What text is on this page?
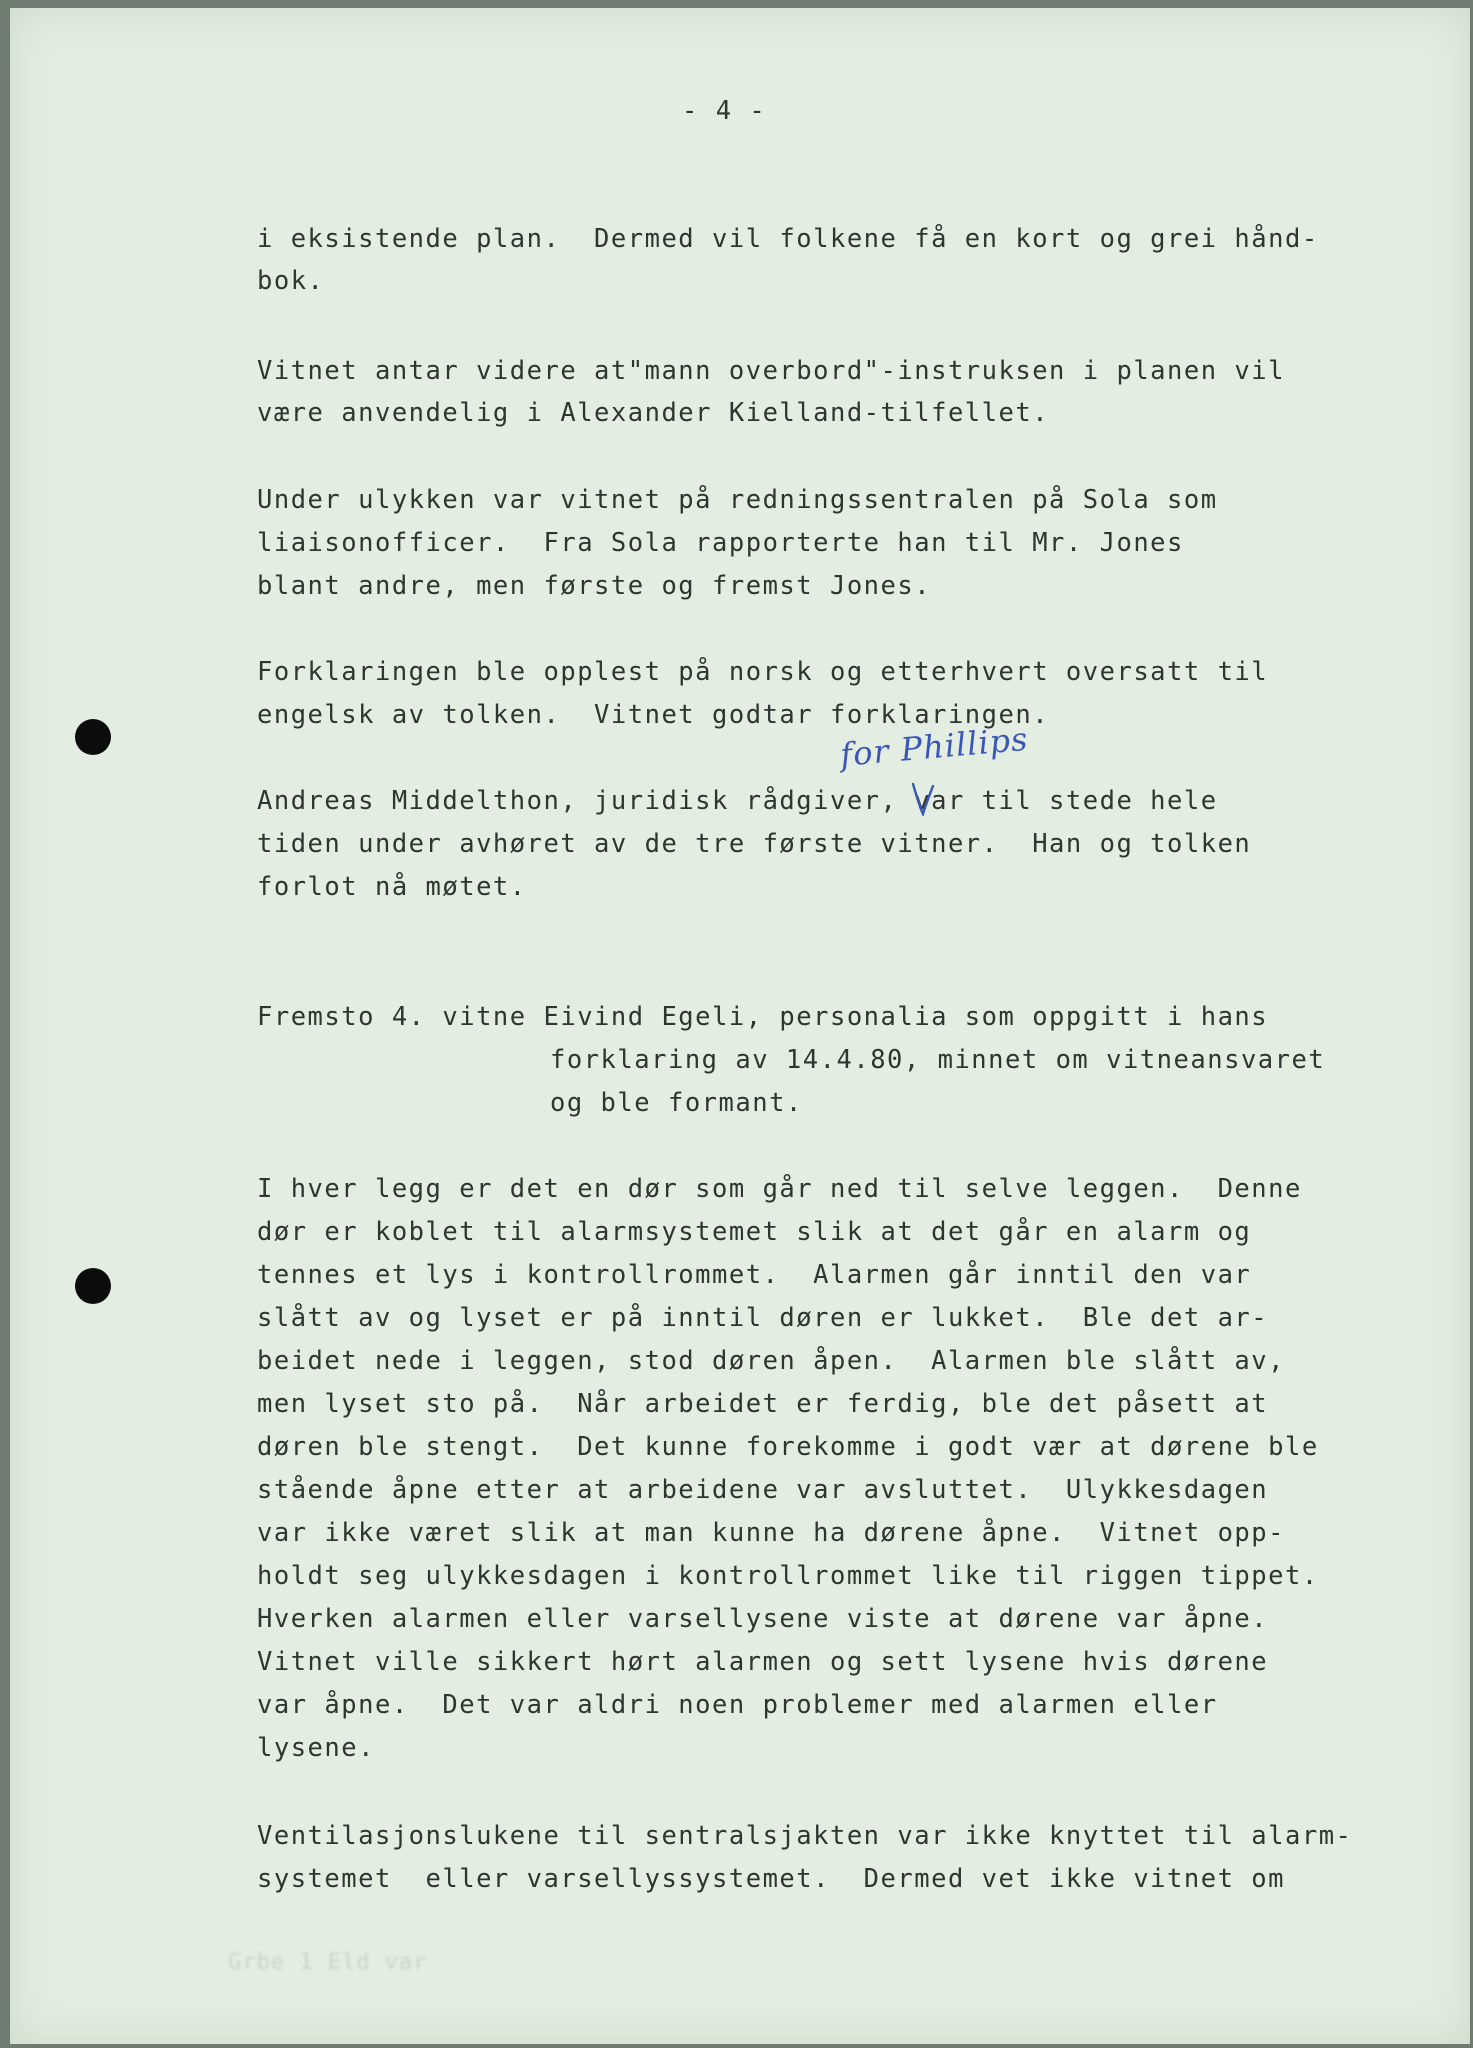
- 4 -

i eksistende plan.  Dermed vil folkene få en kort og grei hånd-

bok.

Vitnet antar videre at"mann overbord"-instruksen i planen vil

være anvendelig i Alexander Kielland-tilfellet.

Under ulykken var vitnet på redningssentralen på Sola som

liaisonofficer.  Fra Sola rapporterte han til Mr. Jones

blant andre, men første og fremst Jones.

Forklaringen ble opplest på norsk og etterhvert oversatt til

engelsk av tolken.  Vitnet godtar forklaringen.

Andreas Middelthon, juridisk rådgiver, var til stede hele

tiden under avhøret av de tre første vitner.  Han og tolken

forlot nå møtet.

Fremsto 4. vitne Eivind Egeli, personalia som oppgitt i hans

forklaring av 14.4.80, minnet om vitneansvaret

og ble formant.

I hver legg er det en dør som går ned til selve leggen.  Denne

dør er koblet til alarmsystemet slik at det går en alarm og

tennes et lys i kontrollrommet.  Alarmen går inntil den var

slått av og lyset er på inntil døren er lukket.  Ble det ar-

beidet nede i leggen, stod døren åpen.  Alarmen ble slått av,

men lyset sto på.  Når arbeidet er ferdig, ble det påsett at

døren ble stengt.  Det kunne forekomme i godt vær at dørene ble

stående åpne etter at arbeidene var avsluttet.  Ulykkesdagen

var ikke været slik at man kunne ha dørene åpne.  Vitnet opp-

holdt seg ulykkesdagen i kontrollrommet like til riggen tippet.

Hverken alarmen eller varsellysene viste at dørene var åpne.

Vitnet ville sikkert hørt alarmen og sett lysene hvis dørene

var åpne.  Det var aldri noen problemer med alarmen eller

lysene.

Ventilasjonslukene til sentralsjakten var ikke knyttet til alarm-

systemet  eller varsellyssystemet.  Dermed vet ikke vitnet om

for Phillips
Grbe 1 Eld var
